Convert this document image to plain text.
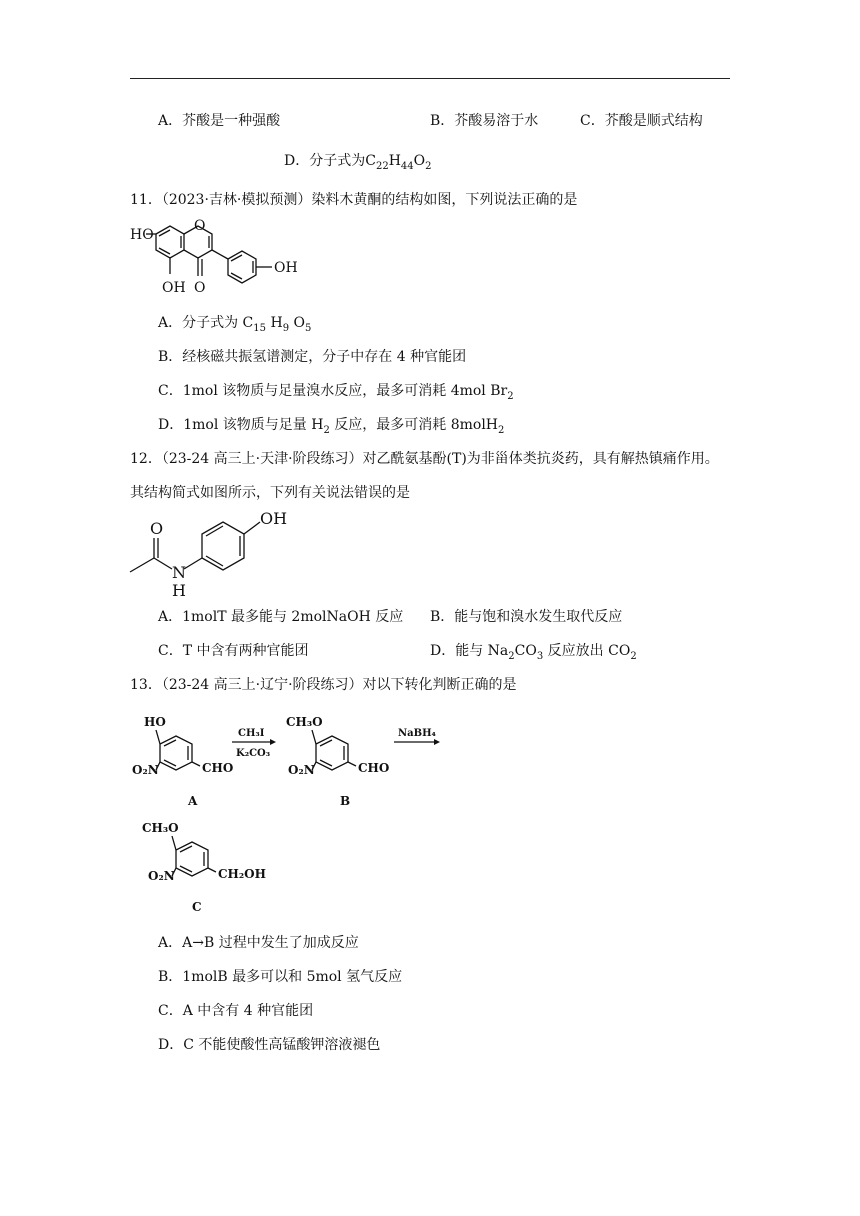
A．芥酸是一种强酸	B．芥酸易溶于水	C．芥酸是顺式结构
D．分子式为$C_{22}H_{44}O_2$
11．（2023·吉林·模拟预测）染料木黄酮的结构如图，下列说法正确的是
HO
O
OH O
OH
A．分子式为 $C_{15}$ $H_9$ $O_5$
B．经核磁共振氢谱测定，分子中存在 4 种官能团
C．1mol 该物质与足量溴水反应，最多可消耗 4mol $Br_2$
D．1mol 该物质与足量 $H_2$ 反应，最多可消耗 8molH$_2$
12．（23-24 高三上·天津·阶段练习）对乙酰氨基酚(T)为非甾体类抗炎药，具有解热镇痛作用。
其结构简式如图所示，下列有关说法错误的是
O
N
H
OH
A．1molT 最多能与 2molNaOH 反应 B．能与饱和溴水发生取代反应
C．T 中含有两种官能团	D．能与 $Na_2CO_3$ 反应放出 $CO_2$
13．（23-24 高三上·辽宁·阶段练习）对以下转化判断正确的是
HO
O₂N	CHO
A
CH₃I
K₂CO₃
CH₃O
O₂N	CHO
B
NaBH₄
CH₃O
O₂N	CH₂OH
C
A．A→B 过程中发生了加成反应
B．1molB 最多可以和 5mol 氢气反应
C．A 中含有 4 种官能团
D．C 不能使酸性高锰酸钾溶液褪色
